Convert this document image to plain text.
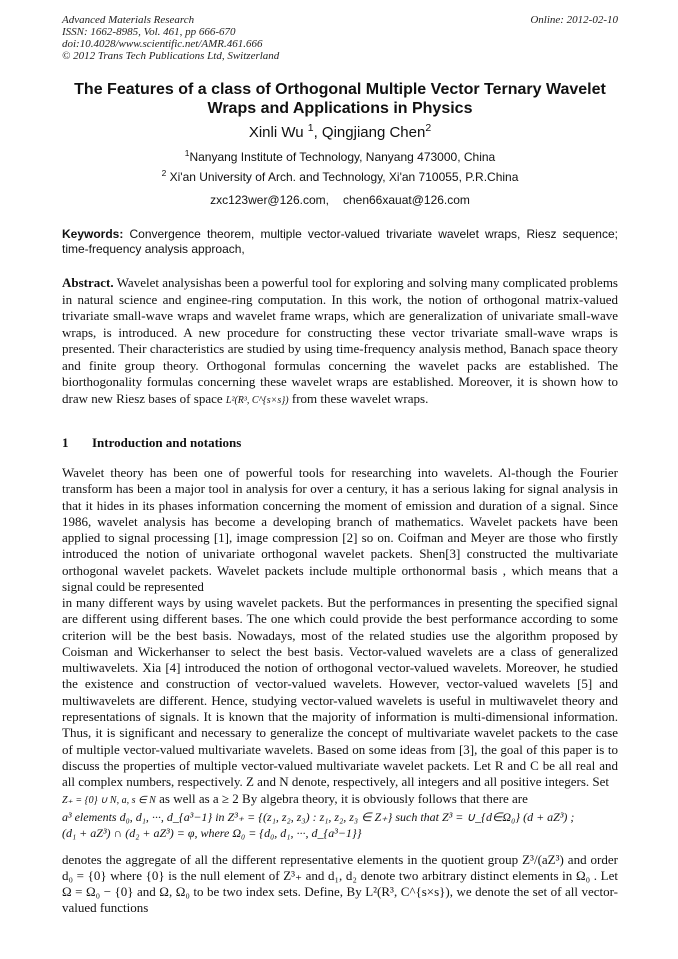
Advanced Materials Research
ISSN: 1662-8985, Vol. 461, pp 666-670
doi:10.4028/www.scientific.net/AMR.461.666
© 2012 Trans Tech Publications Ltd, Switzerland
Online: 2012-02-10
The Features of a class of Orthogonal Multiple Vector Ternary Wavelet
Wraps and Applications in Physics
Xinli Wu $^1$, Qingjiang Chen$^2$
$^1$Nanyang Institute of Technology, Nanyang 473000, China
$^2$ Xi'an University of Arch. and Technology, Xi'an 710055, P.R.China
zxc123wer@126.com, chen66xauat@126.com
Keywords: Convergence theorem, multiple vector-valued trivariate wavelet wraps, Riesz sequence; time-frequency analysis approach,
Abstract. Wavelet analysishas been a powerful tool for exploring and solving many complicated problems in natural science and enginee-ring computation. In this work, the notion of orthogonal matrix-valued trivariate small-wave wraps and wavelet frame wraps, which are generalization of univariate small-wave wraps, is introduced. A new procedure for constructing these vector trivariate small-wave wraps is presented. Their characteristics are studied by using time-frequency analysis method, Banach space theory and finite group theory. Orthogonal formulas concerning the wavelet packs are established. The biorthogonality formulas concerning these wavelet wraps are established. Moreover, it is shown how to draw new Riesz bases of space L²(R³, C^{s×s}) from these wavelet wraps.
1 Introduction and notations
Wavelet theory has been one of powerful tools for researching into wavelets. Al-though the Fourier transform has been a major tool in analysis for over a century, it has a serious laking for signal analysis in that it hides in its phases information concerning the moment of emission and duration of a signal. Since 1986, wavelet analysis has become a developing branch of mathematics. Wavelet packets have been applied to signal processing [1], image compression [2] so on. Coifman and Meyer are those who firstly introduced the notion of univariate orthogonal wavelet packets. Shen[3] constructed the multivariate orthogonal wavelet packets. Wavelet packets include multiple orthonormal basis , which means that a signal could be represented
in many different ways by using wavelet packets. But the performances in presenting the specified signal are different using different bases. The one which could provide the best performance according to some criterion will be the best basis. Nowadays, most of the related studies use the algorithm proposed by Coisman and Wickerhanser to select the best basis. Vector-valued wavelets are a class of generalized multiwavelets. Xia [4] introduced the notion of orthogonal vector-valued wavelets. Moreover, he studied the existence and construction of vector-valued wavelets. However, vector-valued wavelets [5] and multiwavelets are different. Hence, studying vector-valued wavelets is useful in multiwavelet theory and representations of signals. It is known that the majority of information is multi-dimensional information. Thus, it is significant and necessary to generalize the concept of multivariate wavelet packets to the case of multiple vector-valued multivariate wavelets. Based on some ideas from [3], the goal of this paper is to discuss the properties of multiple vector-valued multivariate wavelet packets. Let R and C be all real and all complex numbers, respectively. Z and N denote, respectively, all integers and all positive integers. Set
Z₊ = {0} ∪ N, a, s ∈ N as well as a ≥ 2 By algebra theory, it is obviously follows that there are
a³ elements d₀, d₁, ···, d_{a³−1} in Z³₊ = {(z₁, z₂, z₃) : z₁, z₂, z₃ ∈ Z₊} such that Z³ = ∪_{d∈Ω₀} (d + aZ³) ;
(d₁ + aZ³) ∩ (d₂ + aZ³) = φ, where Ω₀ = {d₀, d₁, ···, d_{a³−1}}
denotes the aggregate of all the different representative elements in the quotient group Z³/(aZ³) and order d₀ = {0} where {0} is the null element of Z³₊ and d₁, d₂ denote two arbitrary distinct elements in Ω₀ . Let Ω = Ω₀ − {0} and Ω, Ω₀ to be two index sets. Define, By L²(R³, C^{s×s}), we denote the set of all vector-valued functions
